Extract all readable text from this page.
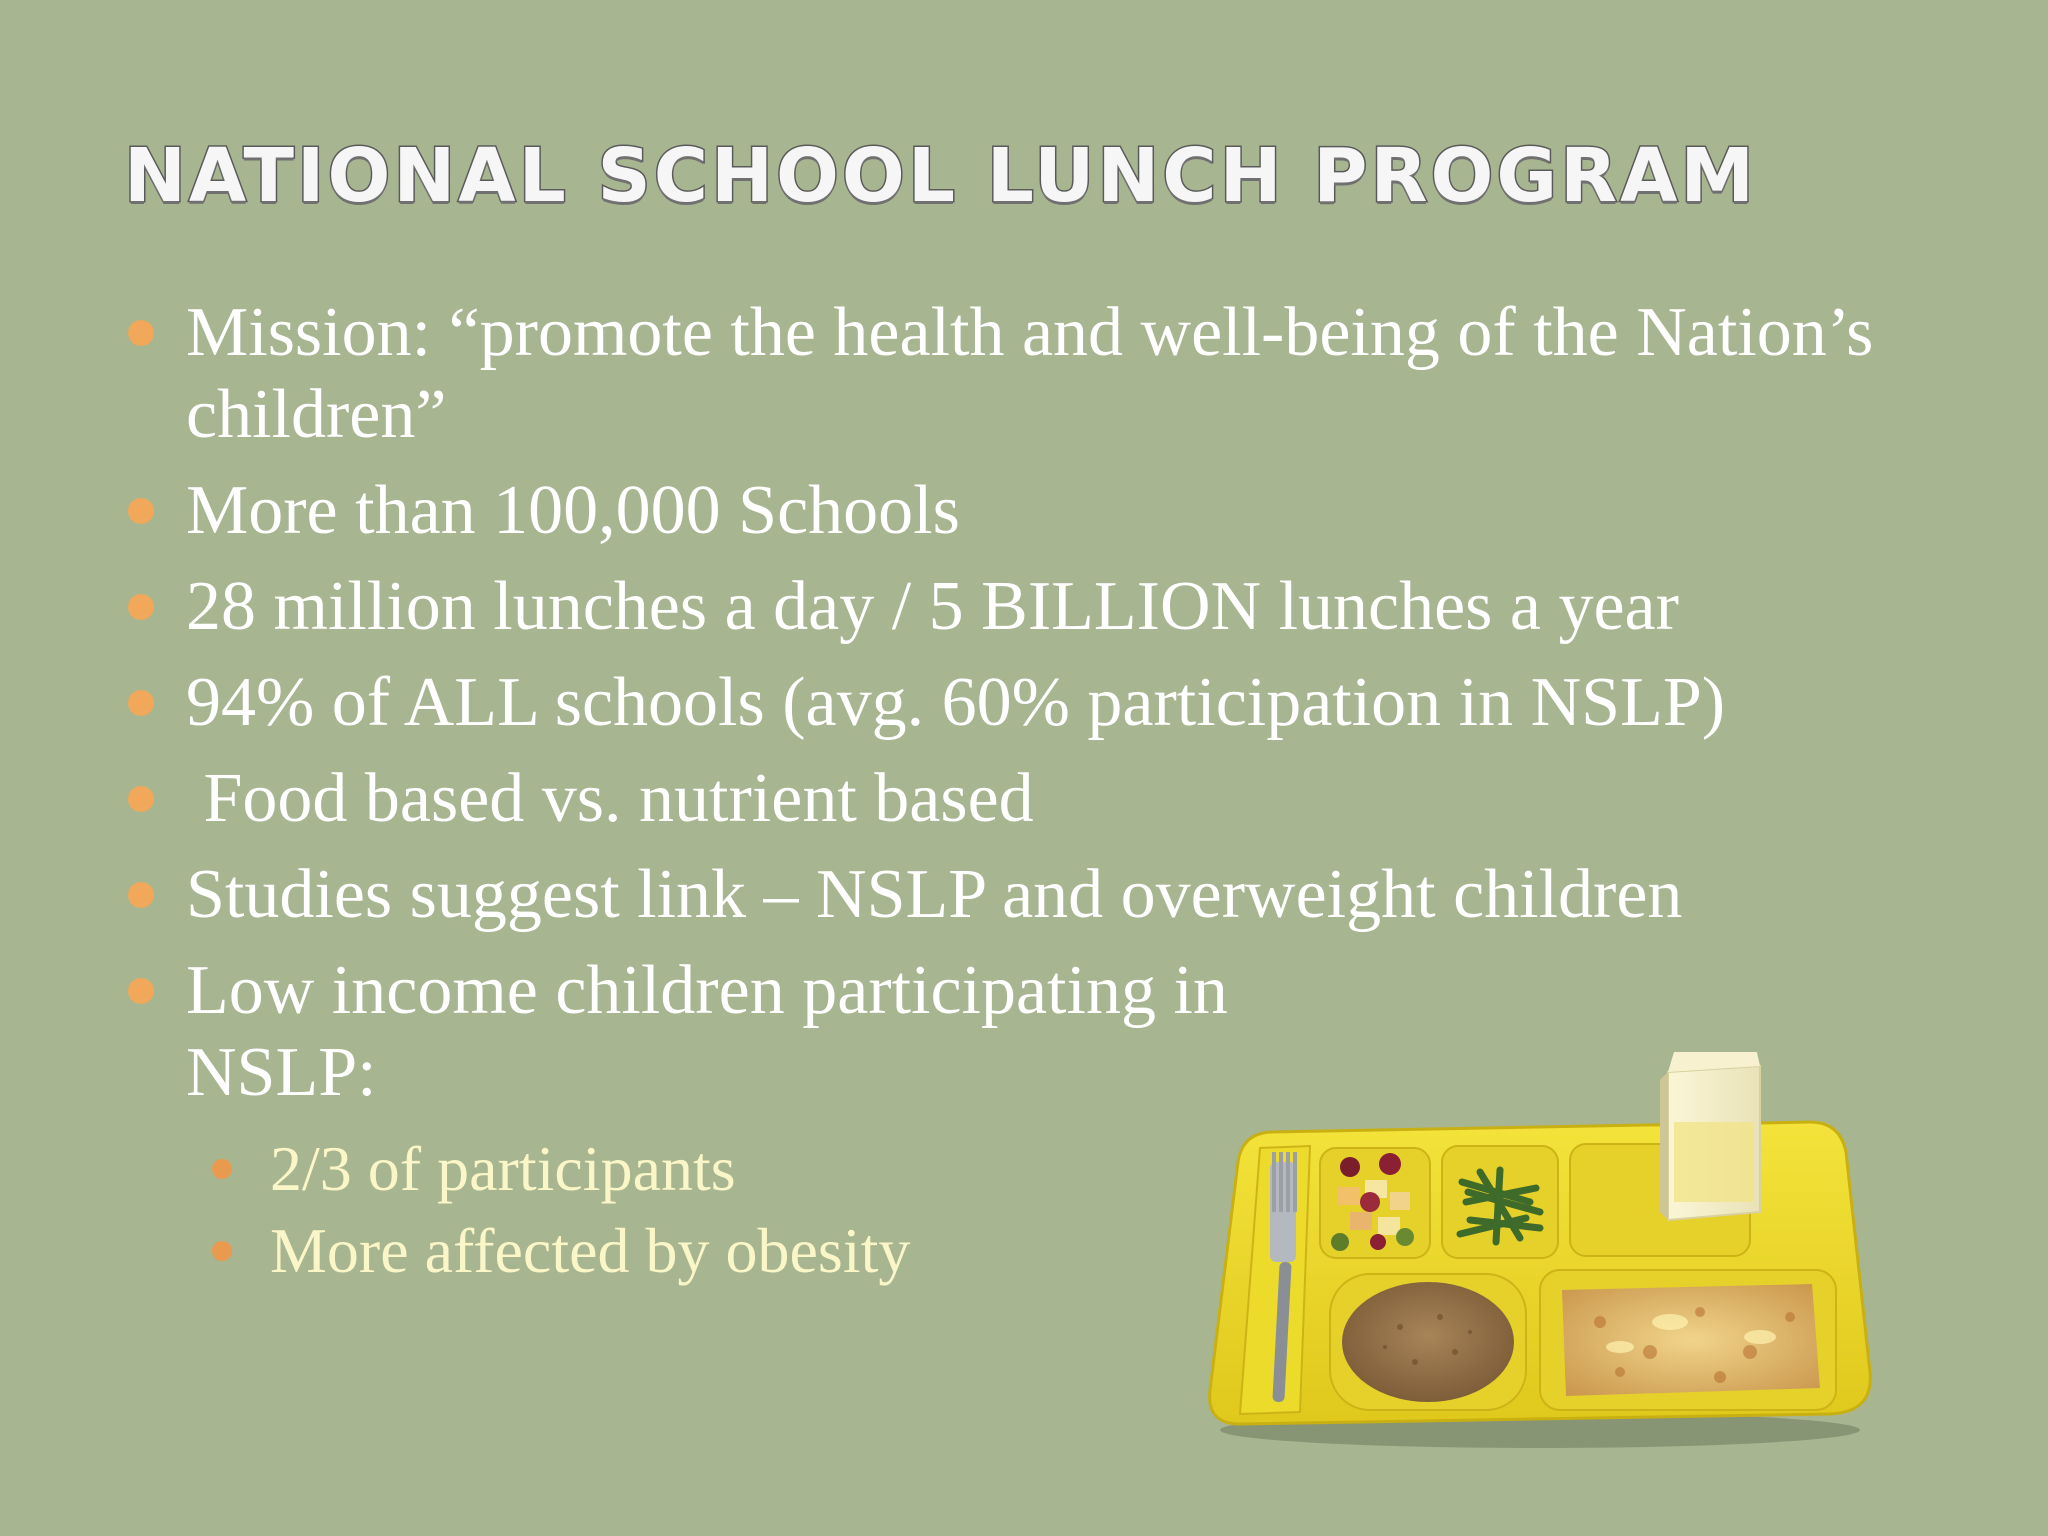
NATIONAL SCHOOL LUNCH PROGRAM
Mission: “promote the health and well-being of the Nation’s children”
More than 100,000 Schools
28 million lunches a day / 5 BILLION lunches a year
94% of ALL schools (avg. 60% participation in NSLP)
Food based vs. nutrient based
Studies suggest link – NSLP and overweight children
Low income children participating in NSLP:
2/3 of participants
More affected by obesity
